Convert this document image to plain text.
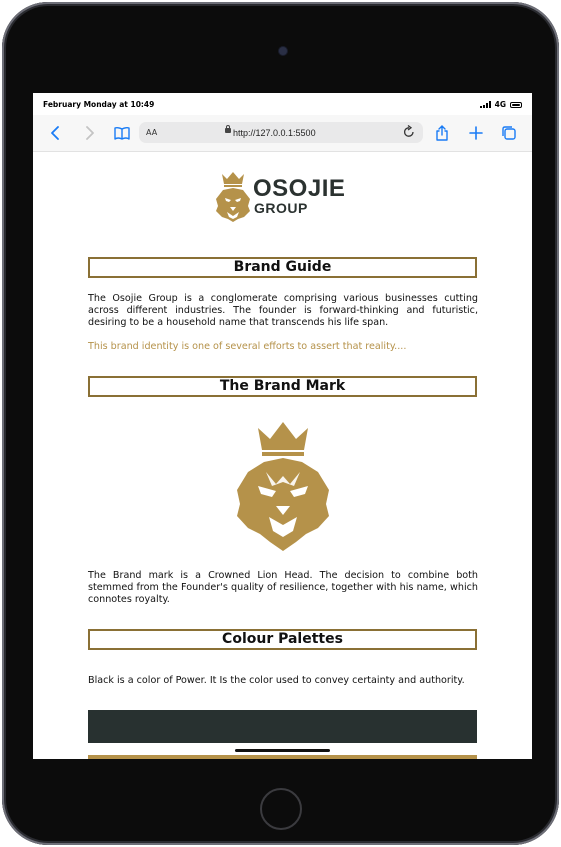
February Monday at 10:49	4G
AA	http://127.0.0.1:5500
OSOJIE
GROUP
Brand Guide

The Osojie Group is a conglomerate comprising various businesses cutting across different industries. The founder is forward-thinking and futuristic, desiring to be a household name that transcends his life span.

This brand identity is one of several efforts to assert that reality....

The Brand Mark

The Brand mark is a Crowned Lion Head. The decision to combine both stemmed from the Founder's quality of resilience, together with his name, which connotes royalty.

Colour Palettes

Black is a color of Power. It Is the color used to convey certainty and authority.
